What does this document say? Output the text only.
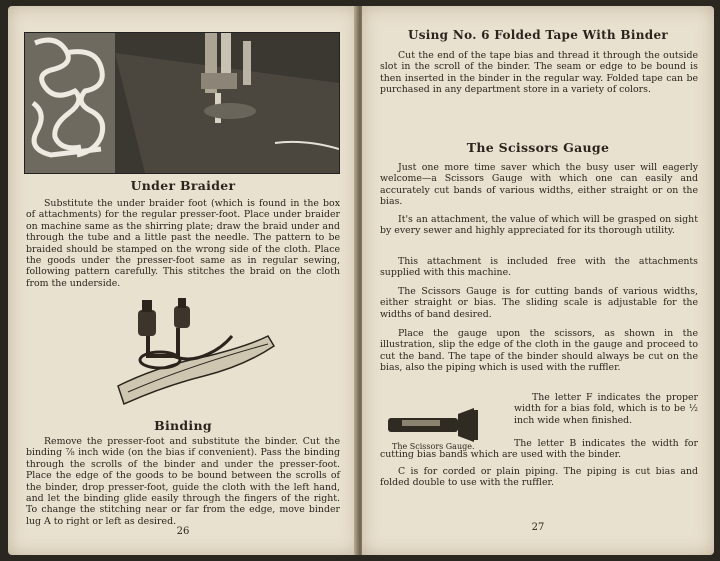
Under Braider

Substitute the under braider foot (which is found in the box of attachments) for the regular presser-foot. Place under braider on machine same as the shirring plate; draw the braid under and through the tube and a little past the needle. The pattern to be braided should be stamped on the wrong side of the cloth. Place the goods under the presser-foot same as in regular sewing, following pattern carefully. This stitches the braid on the cloth from the underside.

Binding

Remove the presser-foot and substitute the binder. Cut the binding ⅞ inch wide (on the bias if convenient). Pass the binding through the scrolls of the binder and under the presser-foot. Place the edge of the goods to be bound between the scrolls of the binder, drop presser-foot, guide the cloth with the left hand, and let the binding glide easily through the fingers of the right. To change the stitching near or far from the edge, move binder lug A to right or left as desired.

26
Using No. 6 Folded Tape With Binder

Cut the end of the tape bias and thread it through the outside slot in the scroll of the binder. The seam or edge to be bound is then inserted in the binder in the regular way. Folded tape can be purchased in any department store in a variety of colors.

The Scissors Gauge

Just one more time saver which the busy user will eagerly welcome—a Scissors Gauge with which one can easily and accurately cut bands of various widths, either straight or on the bias.

It's an attachment, the value of which will be grasped on sight by every sewer and highly appreciated for its thorough utility.

This attachment is included free with the attachments supplied with this machine.

The Scissors Gauge is for cutting bands of various widths, either straight or bias. The sliding scale is adjustable for the widths of band desired.

Place the gauge upon the scissors, as shown in the illustration, slip the edge of the cloth in the gauge and proceed to cut the band. The tape of the binder should always be cut on the bias, also the piping which is used with the ruffler.

The Scissors Gauge.

The letter F indicates the proper width for a bias fold, which is to be ½ inch wide when finished.

The letter B indicates the width for cutting bias bands which are used with the binder.

C is for corded or plain piping. The piping is cut bias and folded double to use with the ruffler.

27
